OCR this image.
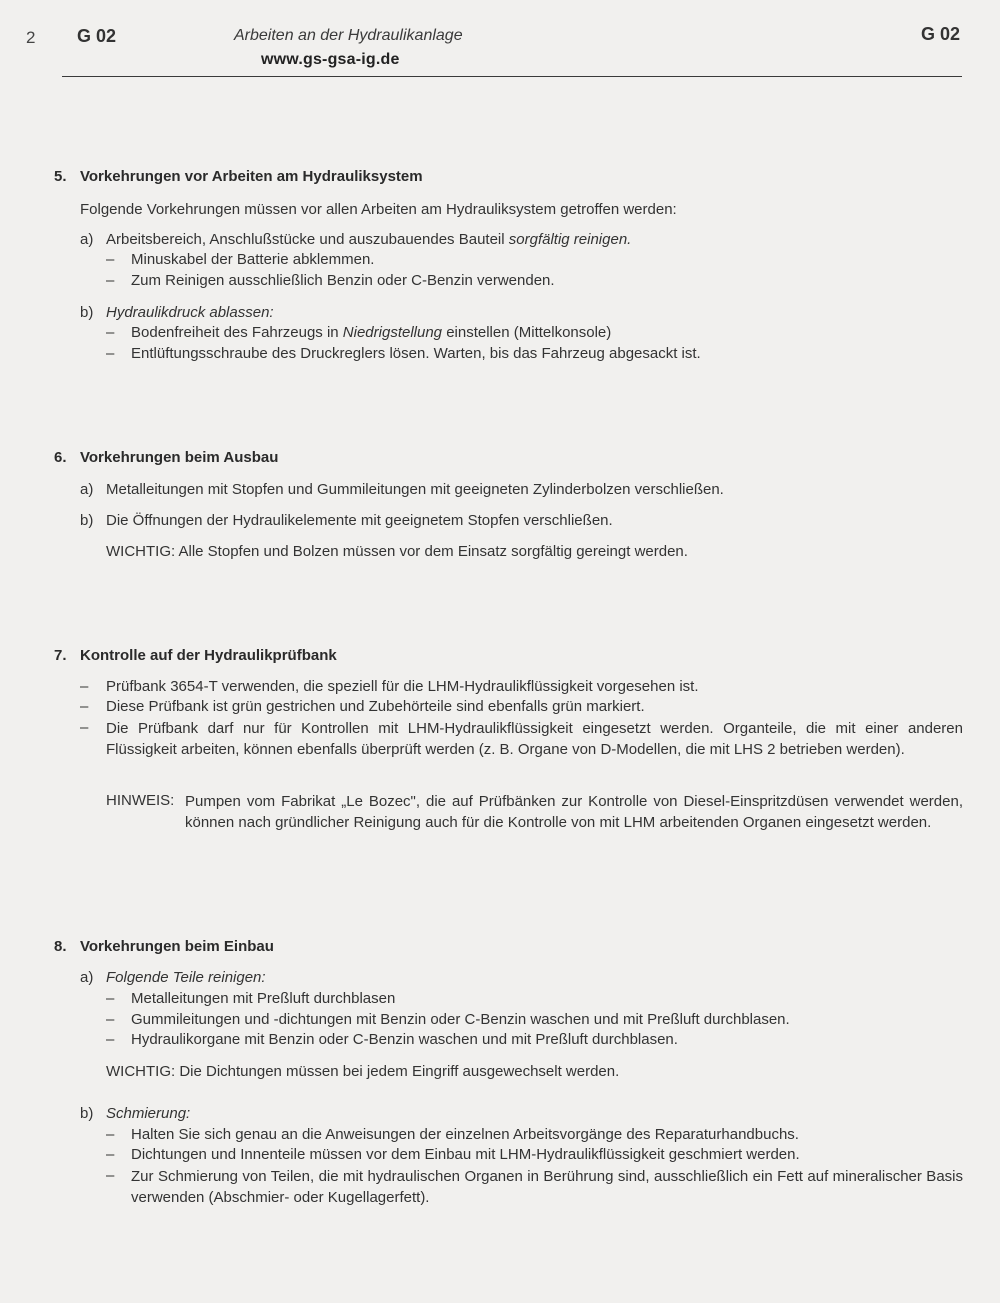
2 G 02	Arbeiten an der Hydraulikanlage
www.gs-gsa-ig.de
G 02
5. Vorkehrungen vor Arbeiten am Hydrauliksystem
Folgende Vorkehrungen müssen vor allen Arbeiten am Hydrauliksystem getroffen werden:
a) Arbeitsbereich, Anschlußstücke und auszubauendes Bauteil sorgfältig reinigen.
– Minuskabel der Batterie abklemmen.
– Zum Reinigen ausschließlich Benzin oder C-Benzin verwenden.
b) Hydraulikdruck ablassen:
– Bodenfreiheit des Fahrzeugs in Niedrigstellung einstellen (Mittelkonsole)
– Entlüftungsschraube des Druckreglers lösen. Warten, bis das Fahrzeug abgesackt ist.
6. Vorkehrungen beim Ausbau
a) Metalleitungen mit Stopfen und Gummileitungen mit geeigneten Zylinderbolzen verschließen.
b) Die Öffnungen der Hydraulikelemente mit geeignetem Stopfen verschließen.
WICHTIG: Alle Stopfen und Bolzen müssen vor dem Einsatz sorgfältig gereingt werden.
7. Kontrolle auf der Hydraulikprüfbank
– Prüfbank 3654-T verwenden, die speziell für die LHM-Hydraulikflüssigkeit vorgesehen ist.
– Diese Prüfbank ist grün gestrichen und Zubehörteile sind ebenfalls grün markiert.
– Die Prüfbank darf nur für Kontrollen mit LHM-Hydraulikflüssigkeit eingesetzt werden. Organteile, die mit einer anderen Flüssigkeit arbeiten, können ebenfalls überprüft werden (z. B. Organe von D-Modellen, die mit LHS 2 betrieben werden).
HINWEIS: Pumpen vom Fabrikat „Le Bozec", die auf Prüfbänken zur Kontrolle von Diesel-Einspritzdüsen verwendet werden, können nach gründlicher Reinigung auch für die Kontrolle von mit LHM arbeitenden Organen eingesetzt werden.
8. Vorkehrungen beim Einbau
a) Folgende Teile reinigen:
– Metalleitungen mit Preßluft durchblasen
– Gummileitungen und -dichtungen mit Benzin oder C-Benzin waschen und mit Preßluft durchblasen.
– Hydraulikorgane mit Benzin oder C-Benzin waschen und mit Preßluft durchblasen.
WICHTIG: Die Dichtungen müssen bei jedem Eingriff ausgewechselt werden.
b) Schmierung:
– Halten Sie sich genau an die Anweisungen der einzelnen Arbeitsvorgänge des Reparaturhandbuchs.
– Dichtungen und Innenteile müssen vor dem Einbau mit LHM-Hydraulikflüssigkeit geschmiert werden.
– Zur Schmierung von Teilen, die mit hydraulischen Organen in Berührung sind, ausschließlich ein Fett auf mineralischer Basis verwenden (Abschmier- oder Kugellagerfett).
